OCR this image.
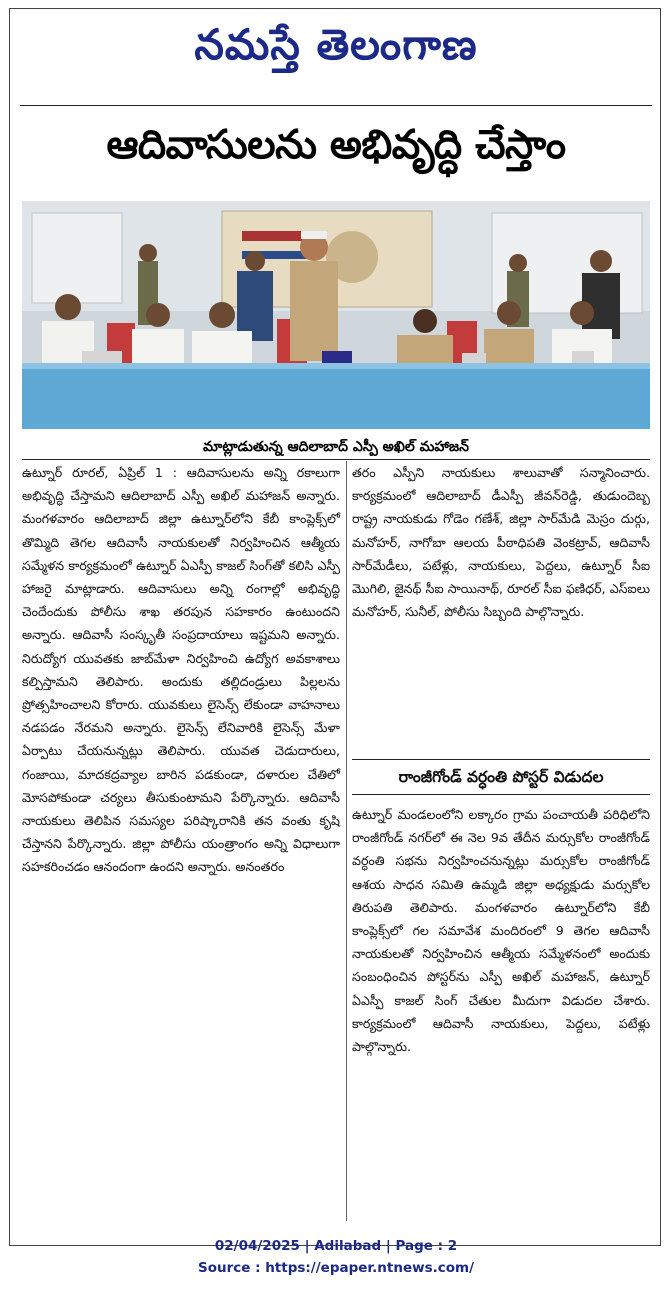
నమస్తే తెలంగాణ
ఆదివాసులను అభివృద్ధి చేస్తాం
మాట్లాడుతున్న ఆదిలాబాద్ ఎస్పీ అఖిల్ మహాజన్

ఉట్నూర్ రూరల్, ఏప్రిల్ 1 : ఆదివాసులను అన్ని రకాలుగా అభివృద్ధి చేస్తామని ఆదిలాబాద్ ఎస్పీ అఖిల్ మహాజన్ అన్నారు. మంగళవారం ఆదిలాబాద్ జిల్లా ఉట్నూర్‌లోని కేబీ కాంప్లెక్స్‌లో తొమ్మిది తెగల ఆదివాసీ నాయకులతో నిర్వహించిన ఆత్మీయ సమ్మేళన కార్యక్రమంలో ఉట్నూర్ ఏఎస్పీ కాజల్ సింగ్‌తో కలిసి ఎస్పీ హాజరై మాట్లాడారు. ఆదివాసులు అన్ని రంగాల్లో అభివృద్ధి చెందేందుకు పోలీసు శాఖ తరపున సహకారం ఉంటుందని అన్నారు. ఆదివాసీ సంస్కృతీ సంప్రదాయాలు ఇష్టమని అన్నారు. నిరుద్యోగ యువతకు జాబ్‌మేళా నిర్వహించి ఉద్యోగ అవకాశాలు కల్పిస్తామని తెలిపారు. అందుకు తల్లిదండ్రులు పిల్లలను ప్రోత్సహించాలని కోరారు. యువకులు లైసెన్స్ లేకుండా వాహనాలు నడపడం నేరమని అన్నారు. లైసెన్స్ లేనివారికి లైసెన్స్ మేళా ఏర్పాటు చేయనున్నట్లు తెలిపారు. యువత చెడుదారులు, గంజాయి, మాదకద్రవ్యాల బారిన పడకుండా, దళారుల చేతిలో మోసపోకుండా చర్యలు తీసుకుంటామని పేర్కొన్నారు. ఆదివాసీ నాయకులు తెలిపిన సమస్యల పరిష్కారానికి తన వంతు కృషి చేస్తానని పేర్కొన్నారు. జిల్లా పోలీసు యంత్రాంగం అన్ని విధాలుగా సహకరించడం ఆనందంగా ఉందని అన్నారు. అనంతరం

తరం ఎస్పీని నాయకులు శాలువాతో సన్మానించారు. కార్యక్రమంలో ఆదిలాబాద్ డీఎస్పీ జీవన్‌రెడ్డి, తుడుందెబ్బ రాష్ట్ర నాయకుడు గోడెం గణేశ్, జిల్లా సార్‌మేడి మెస్రం దుర్గు, మనోహర్, నాగోబా ఆలయ పీఠాధిపతి వెంకట్రావ్, ఆదివాసీ సార్‌మేడీలు, పటేళ్లు, నాయకులు, పెద్దలు, ఉట్నూర్ సీఐ మొగిలి, జైనథ్ సీఐ సాయినాథ్, రూరల్ సీఐ ఫణిధర్, ఎస్ఐలు మనోహర్, సునీల్, పోలీసు సిబ్బంది పాల్గొన్నారు.

రాంజీగోండ్ వర్ధంతి పోస్టర్ విడుదల

ఉట్నూర్ మండలంలోని లక్కారం గ్రామ పంచాయతీ పరిధిలోని రాంజీగోండ్ నగర్‌లో ఈ నెల 9వ తేదీన మర్సుకోల రాంజీగోండ్ వర్ధంతి సభను నిర్వహించనున్నట్లు మర్సుకోల రాంజీగోండ్ ఆశయ సాధన సమితి ఉమ్మడి జిల్లా అధ్యక్షుడు మర్సుకోల తిరుపతి తెలిపారు. మంగళవారం ఉట్నూర్‌లోని కేబీ కాంప్లెక్స్‌లో గల సమావేశ మందిరంలో 9 తెగల ఆదివాసీ నాయకులతో నిర్వహించిన ఆత్మీయ సమ్మేళనంలో అందుకు సంబంధించిన పోస్టర్‌ను ఎస్పీ అఖిల్ మహాజన్, ఉట్నూర్ ఏఎస్పీ కాజల్ సింగ్ చేతుల మీదుగా విడుదల చేశారు. కార్యక్రమంలో ఆదివాసీ నాయకులు, పెద్దలు, పటేళ్లు పాల్గొన్నారు.

02/04/2025 | Adilabad | Page : 2
Source : https://epaper.ntnews.com/
